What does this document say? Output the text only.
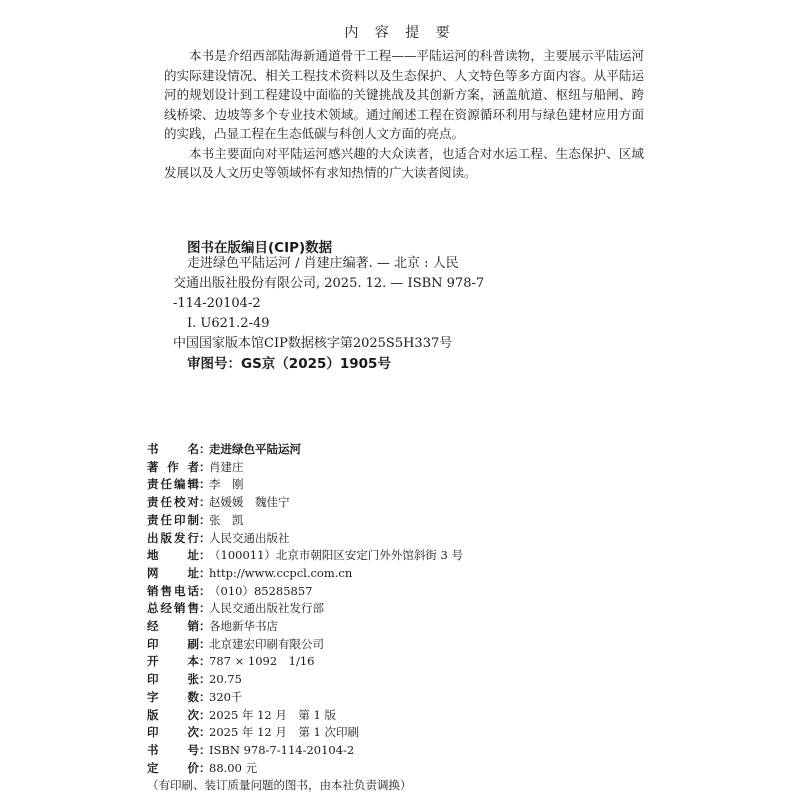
内 容 提 要

本书是介绍西部陆海新通道骨干工程——平陆运河的科普读物，主要展示平陆运河的实际建设情况、相关工程技术资料以及生态保护、人文特色等多方面内容。从平陆运河的规划设计到工程建设中面临的关键挑战及其创新方案，涵盖航道、枢纽与船闸、跨线桥梁、边坡等多个专业技术领域。通过阐述工程在资源循环利用与绿色建材应用方面的实践，凸显工程在生态低碳与科创人文方面的亮点。

本书主要面向对平陆运河感兴趣的大众读者，也适合对水运工程、生态保护、区域发展以及人文历史等领域怀有求知热情的广大读者阅读。

图书在版编目(CIP)数据
走进绿色平陆运河 / 肖建庄编著. — 北京 : 人民
交通出版社股份有限公司, 2025. 12. — ISBN 978-7
-114-20104-2
Ⅰ. U621.2-49
中国国家版本馆CIP数据核字第2025S5H337号
审图号：GS京（2025）1905号
书	名 ：
走进绿色平陆运河
著 作 者 ：
肖建庄
责 任 编 辑 ：
李　刚
责 任 校 对 ：
赵媛媛　魏佳宁
责 任 印 制 ：
张　凯
出 版 发 行 ：
人民交通出版社
地	址 ：
（100011）北京市朝阳区安定门外外馆斜街 3 号
网	址 ：
http://www.ccpcl.com.cn
销 售 电 话 ：
（010）85285857
总 经 销 售 ：
人民交通出版社发行部
经	销 ：
各地新华书店
印	刷 ：
北京建宏印刷有限公司
开	本 ：
787 × 1092　1/16
印	张 ：
20.75
字	数 ：
320千
版	次 ：
2025 年 12 月　第 1 版
印	次 ：
2025 年 12 月　第 1 次印刷
书	号 ：
ISBN 978-7-114-20104-2
定	价 ：
88.00 元
（有印刷、装订质量问题的图书，由本社负责调换）
